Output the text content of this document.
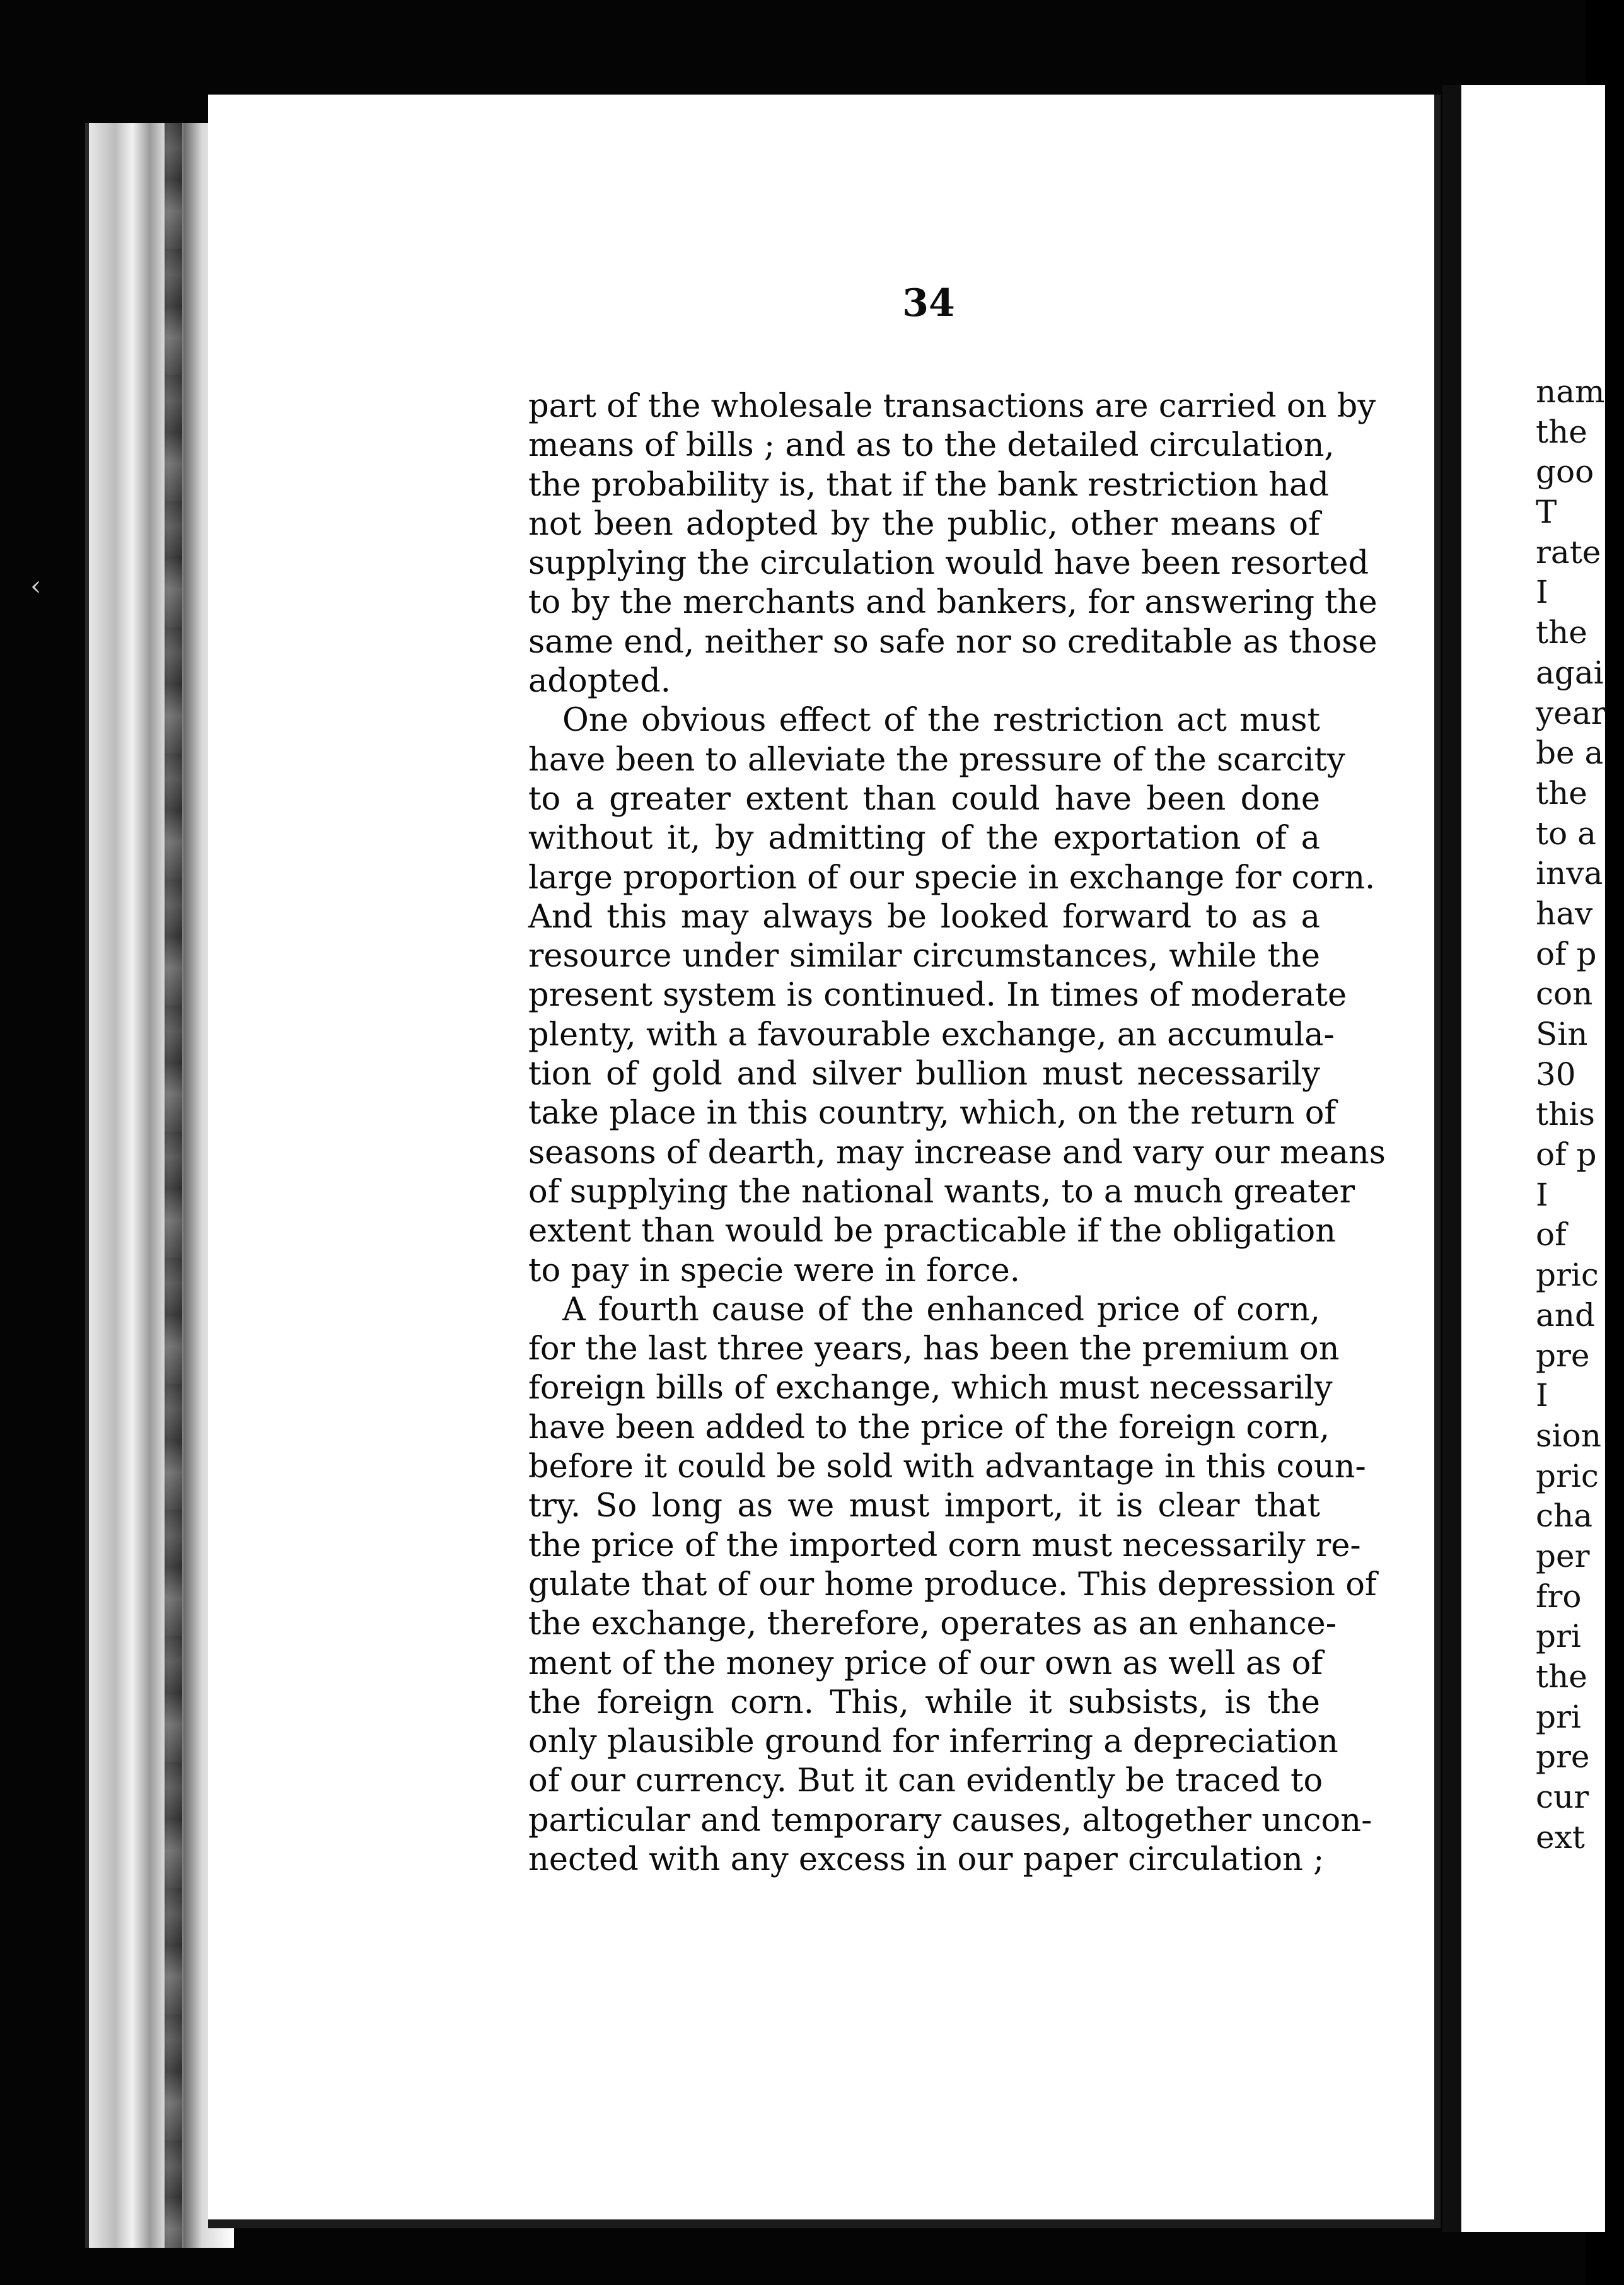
‹
nam
the
goo
T
rate
I
the
agai
year
be a
the
to a
inva
hav
of p
con
Sin
30
this
of p
I
of
pric
and
pre
I
sion
pric
cha
per
fro
pri
the
pri
pre
cur
ext
34
part of the wholesale transactions are carried on by
means of bills ; and as to the detailed circulation,
the probability is, that if the bank restriction had
not been adopted by the public, other means of
supplying the circulation would have been resorted
to by the merchants and bankers, for answering the
same end, neither so safe nor so creditable as those
adopted.
One obvious effect of the restriction act must
have been to alleviate the pressure of the scarcity
to a greater extent than could have been done
without it, by admitting of the exportation of a
large proportion of our specie in exchange for corn.
And this may always be looked forward to as a
resource under similar circumstances, while the
present system is continued. In times of moderate
plenty, with a favourable exchange, an accumula-
tion of gold and silver bullion must necessarily
take place in this country, which, on the return of
seasons of dearth, may increase and vary our means
of supplying the national wants, to a much greater
extent than would be practicable if the obligation
to pay in specie were in force.
A fourth cause of the enhanced price of corn,
for the last three years, has been the premium on
foreign bills of exchange, which must necessarily
have been added to the price of the foreign corn,
before it could be sold with advantage in this coun-
try. So long as we must import, it is clear that
the price of the imported corn must necessarily re-
gulate that of our home produce. This depression of
the exchange, therefore, operates as an enhance-
ment of the money price of our own as well as of
the foreign corn. This, while it subsists, is the
only plausible ground for inferring a depreciation
of our currency. But it can evidently be traced to
particular and temporary causes, altogether uncon-
nected with any excess in our paper circulation ;
